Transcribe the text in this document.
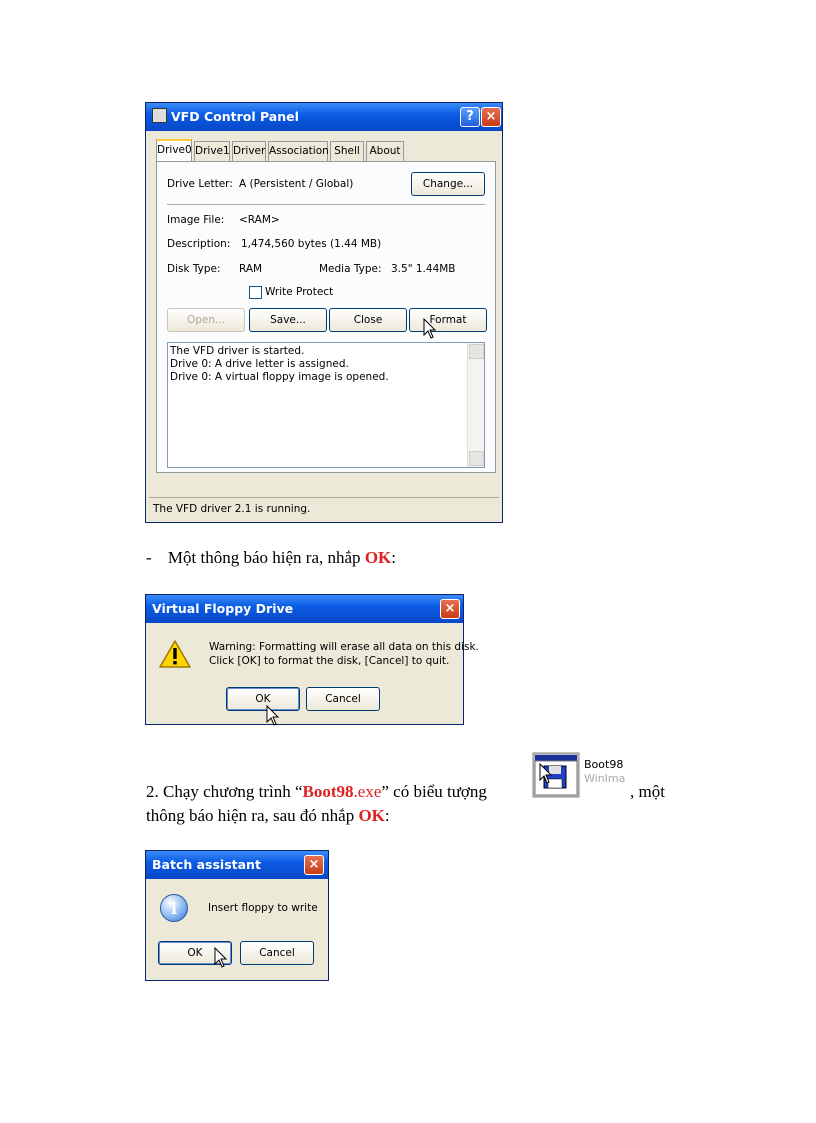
VFD Control Panel	? ×
Drive0 Drive1 Driver Association Shell About
Drive Letter: A (Persistent / Global)	Change...
Image File: <RAM>
Description: 1,474,560 bytes (1.44 MB)
Disk Type: RAM	Media Type: 3.5" 1.44MB
Write Protect
Open...	Save...	Close	Format
The VFD driver is started.
Drive 0: A drive letter is assigned.
Drive 0: A virtual floppy image is opened.
The VFD driver 2.1 is running.
- Một thông báo hiện ra, nhắp OK:
Virtual Floppy Drive	×
Warning: Formatting will erase all data on this disk.
Click [OK] to format the disk, [Cancel] to quit.
OK	Cancel
2. Chạy chương trình “Boot98.exe” có biểu tượng
Boot98
WinIma
, một
thông báo hiện ra, sau đó nhắp OK:
Batch assistant	×
i	Insert floppy to write
OK	Cancel
